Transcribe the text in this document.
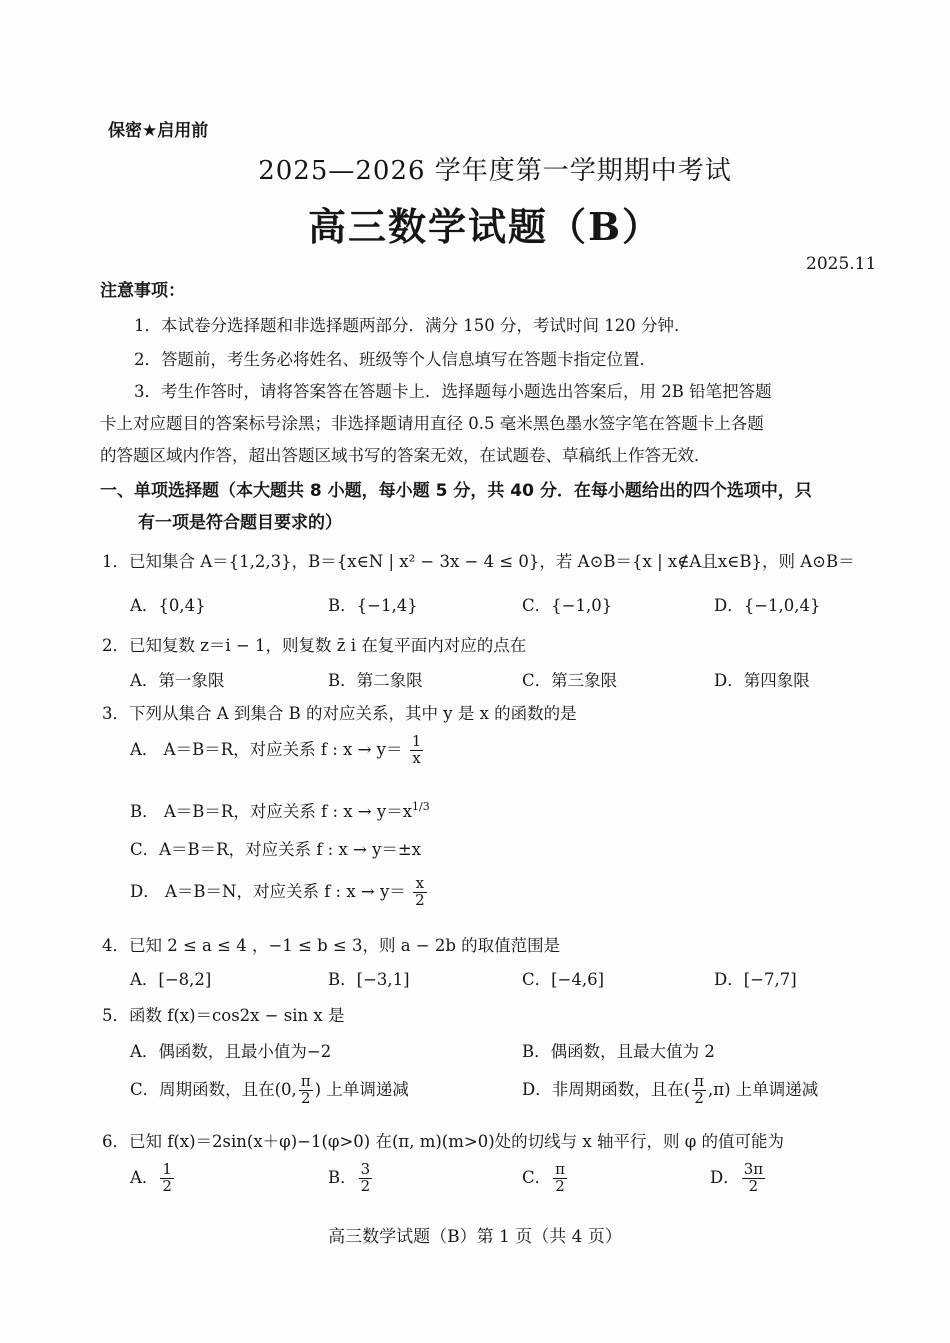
保密★启用前
2025—2026 学年度第一学期期中考试
高三数学试题（B）
2025.11
注意事项：
1．本试卷分选择题和非选择题两部分．满分 150 分，考试时间 120 分钟．
2．答题前，考生务必将姓名、班级等个人信息填写在答题卡指定位置．
3．考生作答时，请将答案答在答题卡上．选择题每小题选出答案后，用 2B 铅笔把答题
卡上对应题目的答案标号涂黑；非选择题请用直径 0.5 毫米黑色墨水签字笔在答题卡上各题
的答题区域内作答，超出答题区域书写的答案无效，在试题卷、草稿纸上作答无效．
一、单项选择题（本大题共 8 小题，每小题 5 分，共 40 分．在每小题给出的四个选项中，只
有一项是符合题目要求的）
1．已知集合 A＝{1,2,3}，B＝{x∈N | x² − 3x − 4 ≤ 0}，若 A⊙B＝{x | x∉A且x∈B}，则 A⊙B＝
A．{0,4}	B．{−1,4}	C．{−1,0}	D．{−1,0,4}
2．已知复数 z＝i − 1，则复数 z̄ i 在复平面内对应的点在
A．第一象限	B．第二象限	C．第三象限	D．第四象限
3．下列从集合 A 到集合 B 的对应关系，其中 y 是 x 的函数的是
A． A＝B＝R，对应关系 f : $x \to y= \frac{1}{x}$
B． A＝B＝R，对应关系 f : $x \to y=x^{1/3}$
C．A＝B＝R，对应关系 f : x → y＝±x
D． A＝B＝N，对应关系 f : $x \to y= \frac{x}{2}$
4．已知 2 ≤ a ≤ 4 ，−1 ≤ b ≤ 3，则 a − 2b 的取值范围是
A．[−8,2]	B．[−3,1]	C．[−4,6]	D．[−7,7]
5．函数 f(x)＝cos2x − sin x 是
A．偶函数，且最小值为−2	B．偶函数，且最大值为 2
C．周期函数，且在(0, $\frac{\pi}{2}$ ) 上单调递减	D．非周期函数，且在( $\frac{\pi}{2} ,\pi$) 上单调递减
6．已知 f(x)＝2sin(x＋φ)−1(φ>0) 在(π, m)(m>0)处的切线与 x 轴平行，则 φ 的值可能为
A． $\frac{1}{2}$	B． $\frac{3}{2}$	C． $\frac{\pi}{2}$	D． $\frac{3\pi}{2}$
高三数学试题（B）第 1 页（共 4 页）
